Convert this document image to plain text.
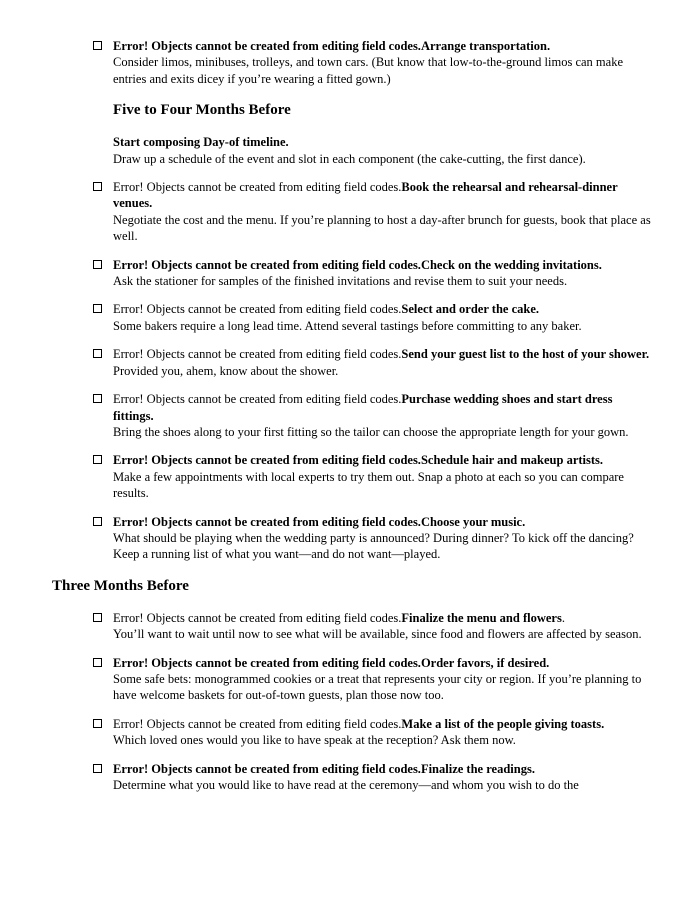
Error! Objects cannot be created from editing field codes.Arrange transportation.
Consider limos, minibuses, trolleys, and town cars. (But know that low-to-the-ground limos can make entries and exits dicey if you’re wearing a fitted gown.)
Five to Four Months Before
Start composing Day-of timeline.
Draw up a schedule of the event and slot in each component (the cake-cutting, the first dance).
Error! Objects cannot be created from editing field codes.Book the rehearsal and rehearsal-dinner venues.
Negotiate the cost and the menu. If you’re planning to host a day-after brunch for guests, book that place as well.
Error! Objects cannot be created from editing field codes.Check on the wedding invitations.
Ask the stationer for samples of the finished invitations and revise them to suit your needs.
Error! Objects cannot be created from editing field codes.Select and order the cake.
Some bakers require a long lead time. Attend several tastings before committing to any baker.
Error! Objects cannot be created from editing field codes.Send your guest list to the host of your shower.
Provided you, ahem, know about the shower.
Error! Objects cannot be created from editing field codes.Purchase wedding shoes and start dress fittings.
Bring the shoes along to your first fitting so the tailor can choose the appropriate length for your gown.
Error! Objects cannot be created from editing field codes.Schedule hair and makeup artists.
Make a few appointments with local experts to try them out. Snap a photo at each so you can compare results.
Error! Objects cannot be created from editing field codes.Choose your music.
What should be playing when the wedding party is announced? During dinner? To kick off the dancing? Keep a running list of what you want—and do not want—played.
Three Months Before
Error! Objects cannot be created from editing field codes.Finalize the menu and flowers.
You’ll want to wait until now to see what will be available, since food and flowers are affected by season.
Error! Objects cannot be created from editing field codes.Order favors, if desired.
Some safe bets: monogrammed cookies or a treat that represents your city or region. If you’re planning to have welcome baskets for out-of-town guests, plan those now too.
Error! Objects cannot be created from editing field codes.Make a list of the people giving toasts.
Which loved ones would you like to have speak at the reception? Ask them now.
Error! Objects cannot be created from editing field codes.Finalize the readings.
Determine what you would like to have read at the ceremony—and whom you wish to do the
